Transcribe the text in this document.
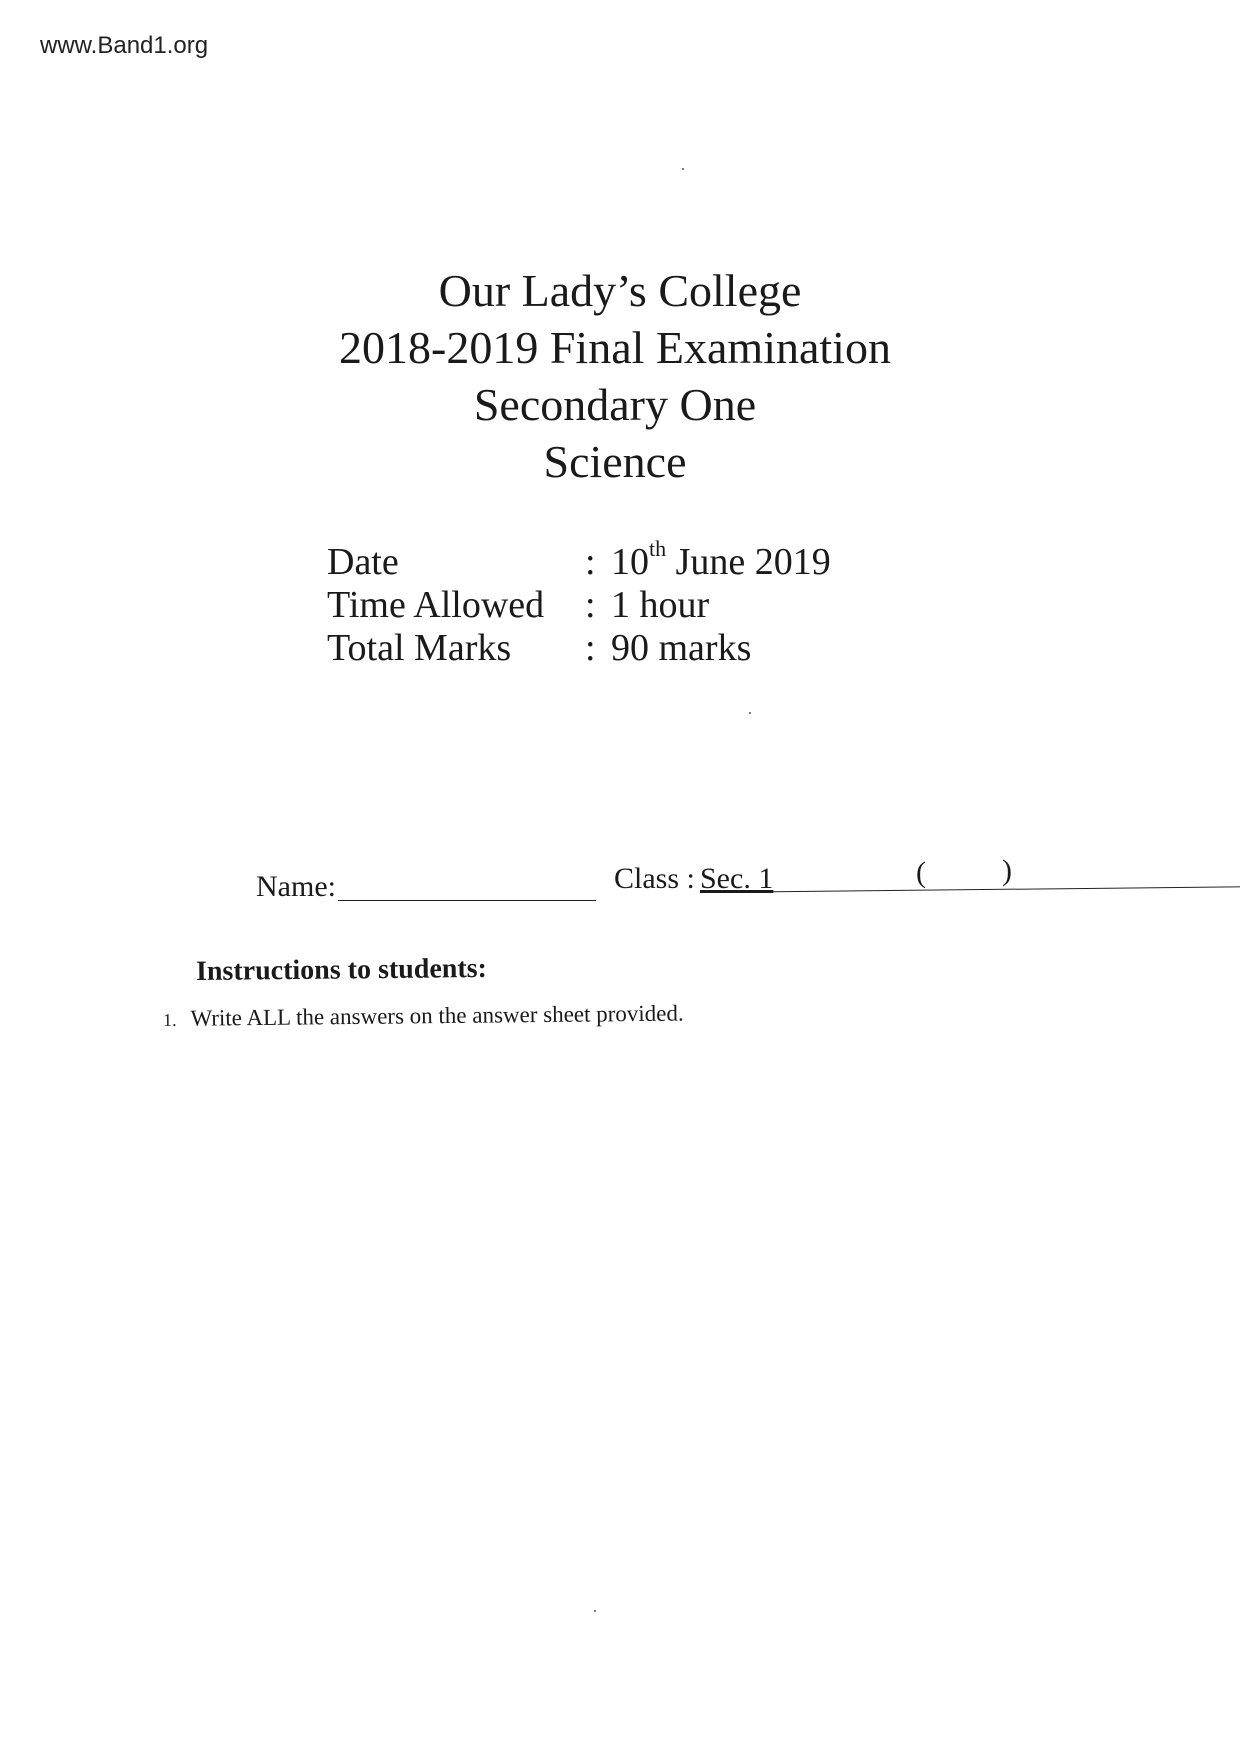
www.Band1.org
Our Lady’s College
2018-2019 Final Examination
Secondary One
Science
Date	: 10th June 2019
Time Allowed : 1 hour
Total Marks : 90 marks
Name:	Class : Sec. 1	(	)
Instructions to students:
1. Write ALL the answers on the answer sheet provided.
